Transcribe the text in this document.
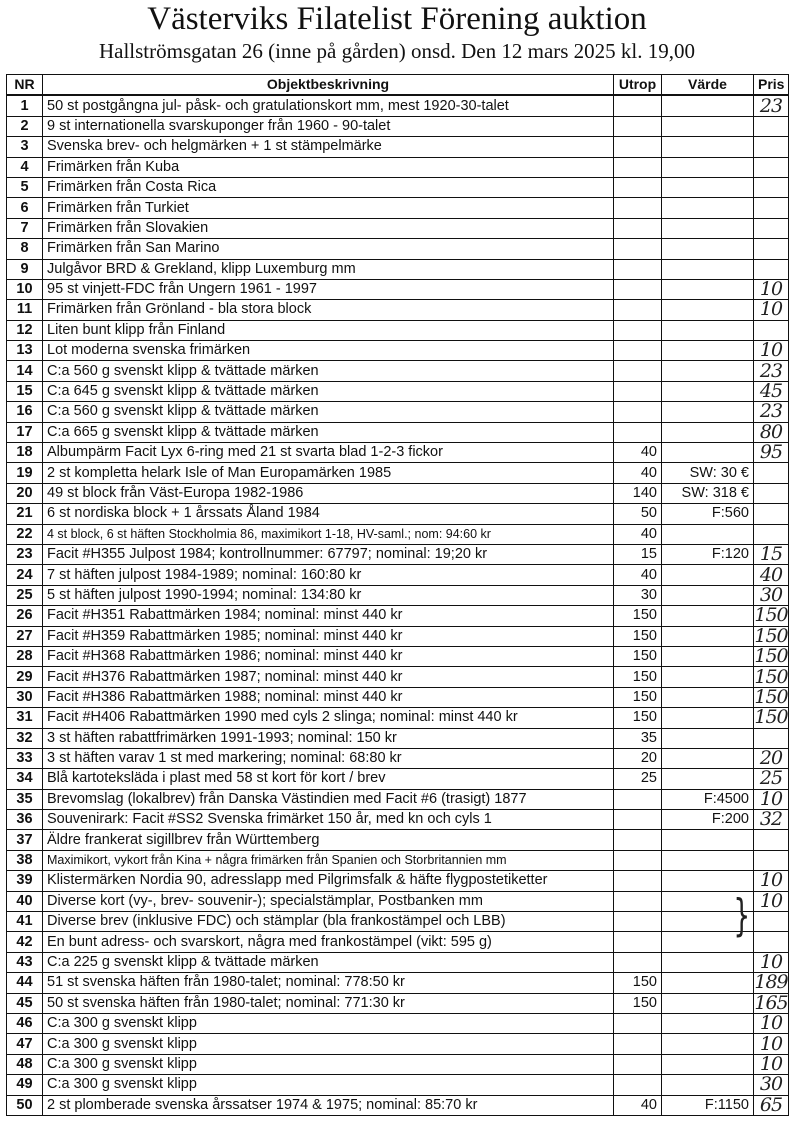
Västerviks Filatelist Förening auktion
Hallströmsgatan 26 (inne på gården) onsd. Den 12 mars 2025 kl. 19,00
NR	Objektbeskrivning	Utrop	Värde	Pris
1	50 st postgångna jul- påsk- och gratulationskort mm, mest 1920-30-talet			23
2	9 st internationella svarskuponger från 1960 - 90-talet			
3	Svenska brev- och helgmärken + 1 st stämpelmärke			
4	Frimärken från Kuba			
5	Frimärken från Costa Rica			
6	Frimärken från Turkiet			
7	Frimärken från Slovakien			
8	Frimärken från San Marino			
9	Julgåvor BRD & Grekland, klipp Luxemburg mm			
10	95 st vinjett-FDC från Ungern 1961 - 1997			10
11	Frimärken från Grönland - bla stora block			10
12	Liten bunt klipp från Finland			
13	Lot moderna svenska frimärken			10
14	C:a 560 g svenskt klipp & tvättade märken			23
15	C:a 645 g svenskt klipp & tvättade märken			45
16	C:a 560 g svenskt klipp & tvättade märken			23
17	C:a 665 g svenskt klipp & tvättade märken			80
18	Albumpärm Facit Lyx 6-ring med 21 st svarta blad 1-2-3 fickor	40		95
19	2 st kompletta helark Isle of Man Europamärken 1985	40	SW: 30 €	
20	49 st block från Väst-Europa 1982-1986	140	SW: 318 €	
21	6 st nordiska block + 1 årssats Åland 1984	50	F:560	
22	4 st block, 6 st häften Stockholmia 86, maximikort 1-18, HV-saml.; nom: 94:60 kr	40		
23	Facit #H355 Julpost 1984; kontrollnummer: 67797; nominal: 19;20 kr	15	F:120	15
24	7 st häften julpost 1984-1989; nominal: 160:80 kr	40		40
25	5 st häften julpost 1990-1994; nominal: 134:80 kr	30		30
26	Facit #H351 Rabattmärken 1984; nominal: minst 440 kr	150		150
27	Facit #H359 Rabattmärken 1985; nominal: minst 440 kr	150		150
28	Facit #H368 Rabattmärken 1986; nominal: minst 440 kr	150		150
29	Facit #H376 Rabattmärken 1987; nominal: minst 440 kr	150		150
30	Facit #H386 Rabattmärken 1988; nominal: minst 440 kr	150		150
31	Facit #H406 Rabattmärken 1990 med cyls 2 slinga; nominal: minst 440 kr	150		150
32	3 st häften rabattfrimärken 1991-1993; nominal: 150 kr	35		
33	3 st häften varav 1 st med markering; nominal: 68:80 kr	20		20
34	Blå kartoteksläda i plast med 58 st kort för kort / brev	25		25
35	Brevomslag (lokalbrev) från Danska Västindien med Facit #6 (trasigt) 1877		F:4500	10
36	Souvenirark: Facit #SS2 Svenska frimärket 150 år, med kn och cyls 1		F:200	32
37	Äldre frankerat sigillbrev från Württemberg			
38	Maximikort, vykort från Kina + några frimärken från Spanien och Storbritannien mm			
39	Klistermärken Nordia 90, adresslapp med Pilgrimsfalk & häfte flygpostetiketter			10
40	Diverse kort (vy-, brev- souvenir-); specialstämplar, Postbanken mm			10
41	Diverse brev (inklusive FDC) och stämplar (bla frankostämpel och LBB)			
42	En bunt adress- och svarskort, några med frankostämpel (vikt: 595 g)			
43	C:a 225 g svenskt klipp & tvättade märken			10
44	51 st svenska häften från 1980-talet; nominal: 778:50 kr	150		189
45	50 st svenska häften från 1980-talet; nominal: 771:30 kr	150		165
46	C:a 300 g svenskt klipp			10
47	C:a 300 g svenskt klipp			10
48	C:a 300 g svenskt klipp			10
49	C:a 300 g svenskt klipp			30
50	2 st plomberade svenska årssatser 1974 & 1975; nominal: 85:70 kr	40	F:1150	65
}
